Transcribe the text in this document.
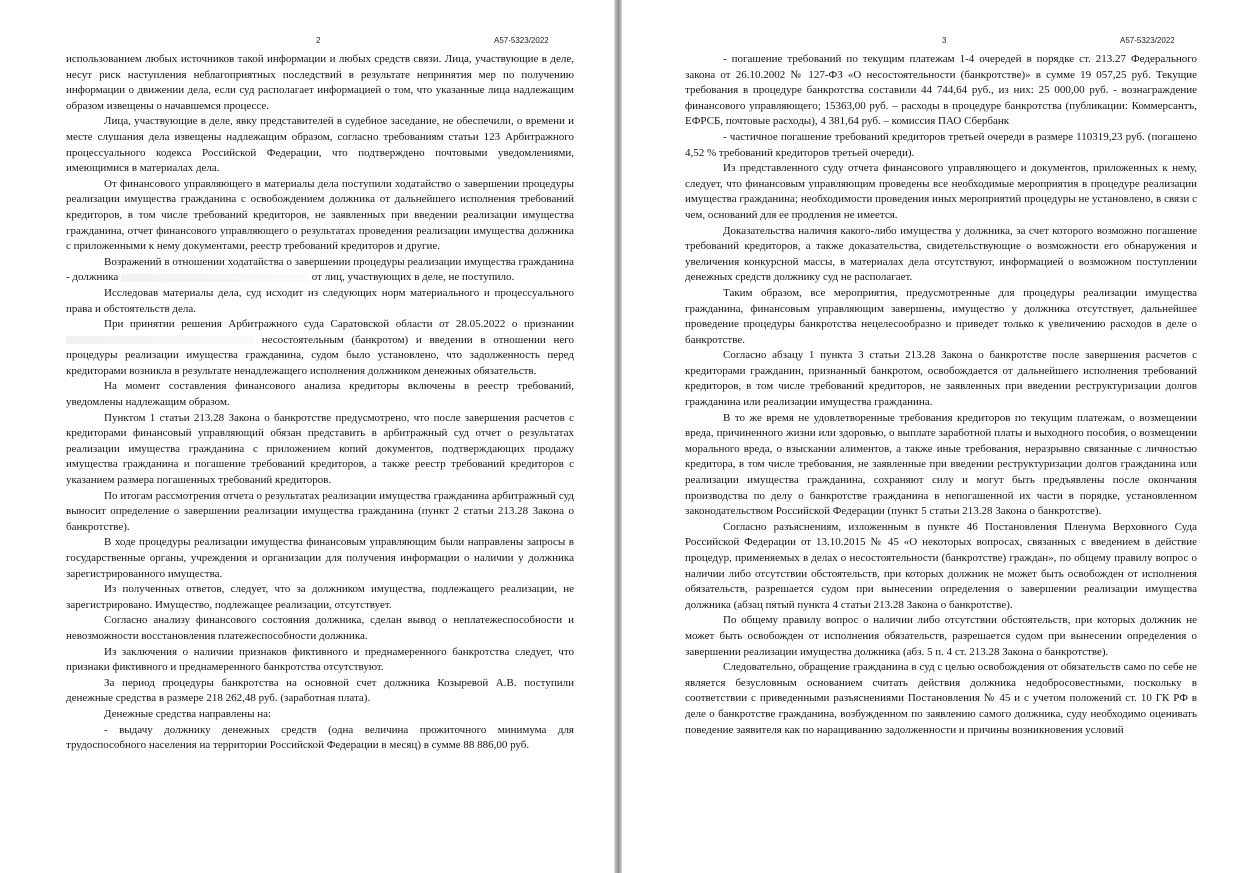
2	А57-5323/2022

использованием любых источников такой информации и любых средств связи. Лица, участвующие в деле, несут риск наступления неблагоприятных последствий в результате непринятия мер по получению информации о движении дела, если суд располагает информацией о том, что указанные лица надлежащим образом извещены о начавшемся процессе.

Лица, участвующие в деле, явку представителей в судебное заседание, не обеспечили, о времени и месте слушания дела извещены надлежащим образом, согласно требованиям статьи 123 Арбитражного процессуального кодекса Российской Федерации, что подтверждено почтовыми уведомлениями, имеющимися в материалах дела.

От финансового управляющего в материалы дела поступили ходатайство о завершении процедуры реализации имущества гражданина с освобождением должника от дальнейшего исполнения требований кредиторов, в том числе требований кредиторов, не заявленных при введении реализации имущества гражданина, отчет финансового управляющего о результатах проведения реализации имущества должника с приложенными к нему документами, реестр требований кредиторов и другие.

Возражений в отношении ходатайства о завершении процедуры реализации имущества гражданина - должника	от лиц, участвующих в деле, не поступило.

Исследовав материалы дела, суд исходит из следующих норм материального и процессуального права и обстоятельств дела.

При принятии решения Арбитражного суда Саратовской области от 28.05.2022 о признании  несостоятельным (банкротом) и введении в отношении него процедуры реализации имущества гражданина, судом было установлено, что задолженность перед кредиторами возникла в результате ненадлежащего исполнения должником денежных обязательств.

На момент составления финансового анализа кредиторы включены в реестр требований, уведомлены надлежащим образом.

Пунктом 1 статьи 213.28 Закона о банкротстве предусмотрено, что после завершения расчетов с кредиторами финансовый управляющий обязан представить в арбитражный суд отчет о результатах реализации имущества гражданина с приложением копий документов, подтверждающих продажу имущества гражданина и погашение требований кредиторов, а также реестр требований кредиторов с указанием размера погашенных требований кредиторов.

По итогам рассмотрения отчета о результатах реализации имущества гражданина арбитражный суд выносит определение о завершении реализации имущества гражданина (пункт 2 статьи 213.28 Закона о банкротстве).

В ходе процедуры реализации имущества финансовым управляющим были направлены запросы в государственные органы, учреждения и организации для получения информации о наличии у должника зарегистрированного имущества.

Из полученных ответов, следует, что за должником имущества, подлежащего реализации, не зарегистрировано. Имущество, подлежащее реализации, отсутствует.

Согласно анализу финансового состояния должника, сделан вывод о неплатежеспособности и невозможности восстановления платежеспособности должника.

Из заключения о наличии признаков фиктивного и преднамеренного банкротства следует, что признаки фиктивного и преднамеренного банкротства отсутствуют.

За период процедуры банкротства на основной счет должника Козыревой А.В. поступили денежные средства в размере 218 262,48 руб. (заработная плата).

Денежные средства направлены на:

- выдачу должнику денежных средств (одна величина прожиточного минимума для трудоспособного населения на территории Российской Федерации в месяц) в сумме 88 886,00 руб.

3	А57-5323/2022

- погашение требований по текущим платежам 1-4 очередей в порядке ст. 213.27 Федерального закона от 26.10.2002 № 127-ФЗ «О несостоятельности (банкротстве)» в сумме 19 057,25 руб. Текущие требования в процедуре банкротства составили 44 744,64 руб., из них: 25 000,00 руб. - вознаграждение финансового управляющего; 15363,00 руб. – расходы в процедуре банкротства (публикации: Коммерсантъ, ЕФРСБ, почтовые расходы), 4 381,64 руб. – комиссия ПАО Сбербанк

- частичное погашение требований кредиторов третьей очереди в размере 110319,23 руб. (погашено 4,52 % требований кредиторов третьей очереди).

Из представленного суду отчета финансового управляющего и документов, приложенных к нему, следует, что финансовым управляющим проведены все необходимые мероприятия в процедуре реализации имущества гражданина; необходимости проведения иных мероприятий процедуры не установлено, в связи с чем, оснований для ее продления не имеется.

Доказательства наличия какого-либо имущества у должника, за счет которого возможно погашение требований кредиторов, а также доказательства, свидетельствующие о возможности его обнаружения и увеличения конкурсной массы, в материалах дела отсутствуют, информацией о возможном поступлении денежных средств должнику суд не располагает.

Таким образом, все мероприятия, предусмотренные для процедуры реализации имущества гражданина, финансовым управляющим завершены, имущество у должника отсутствует, дальнейшее проведение процедуры банкротства нецелесообразно и приведет только к увеличению расходов в деле о банкротстве.

Согласно абзацу 1 пункта 3 статьи 213.28 Закона о банкротстве после завершения расчетов с кредиторами гражданин, признанный банкротом, освобождается от дальнейшего исполнения требований кредиторов, в том числе требований кредиторов, не заявленных при введении реструктуризации долгов гражданина или реализации имущества гражданина.

В то же время не удовлетворенные требования кредиторов по текущим платежам, о возмещении вреда, причиненного жизни или здоровью, о выплате заработной платы и выходного пособия, о возмещении морального вреда, о взыскании алиментов, а также иные требования, неразрывно связанные с личностью кредитора, в том числе требования, не заявленные при введении реструктуризации долгов гражданина или реализации имущества гражданина, сохраняют силу и могут быть предъявлены после окончания производства по делу о банкротстве гражданина в непогашенной их части в порядке, установленном законодательством Российской Федерации (пункт 5 статьи 213.28 Закона о банкротстве).

Согласно разъяснениям, изложенным в пункте 46 Постановления Пленума Верховного Суда Российской Федерации от 13.10.2015 № 45 «О некоторых вопросах, связанных с введением в действие процедур, применяемых в делах о несостоятельности (банкротстве) граждан», по общему правилу вопрос о наличии либо отсутствии обстоятельств, при которых должник не может быть освобожден от исполнения обязательств, разрешается судом при вынесении определения о завершении реализации имущества должника (абзац пятый пункта 4 статьи 213.28 Закона о банкротстве).

По общему правилу вопрос о наличии либо отсутствии обстоятельств, при которых должник не может быть освобожден от исполнения обязательств, разрешается судом при вынесении определения о завершении реализации имущества должника (абз. 5 п. 4 ст. 213.28 Закона о банкротстве).

Следовательно, обращение гражданина в суд с целью освобождения от обязательств само по себе не является безусловным основанием считать действия должника недобросовестными, поскольку в соответствии с приведенными разъяснениями Постановления № 45 и с учетом положений ст. 10 ГК РФ в деле о банкротстве гражданина, возбужденном по заявлению самого должника, суду необходимо оценивать поведение заявителя как по наращиванию задолженности и причины возникновения условий
